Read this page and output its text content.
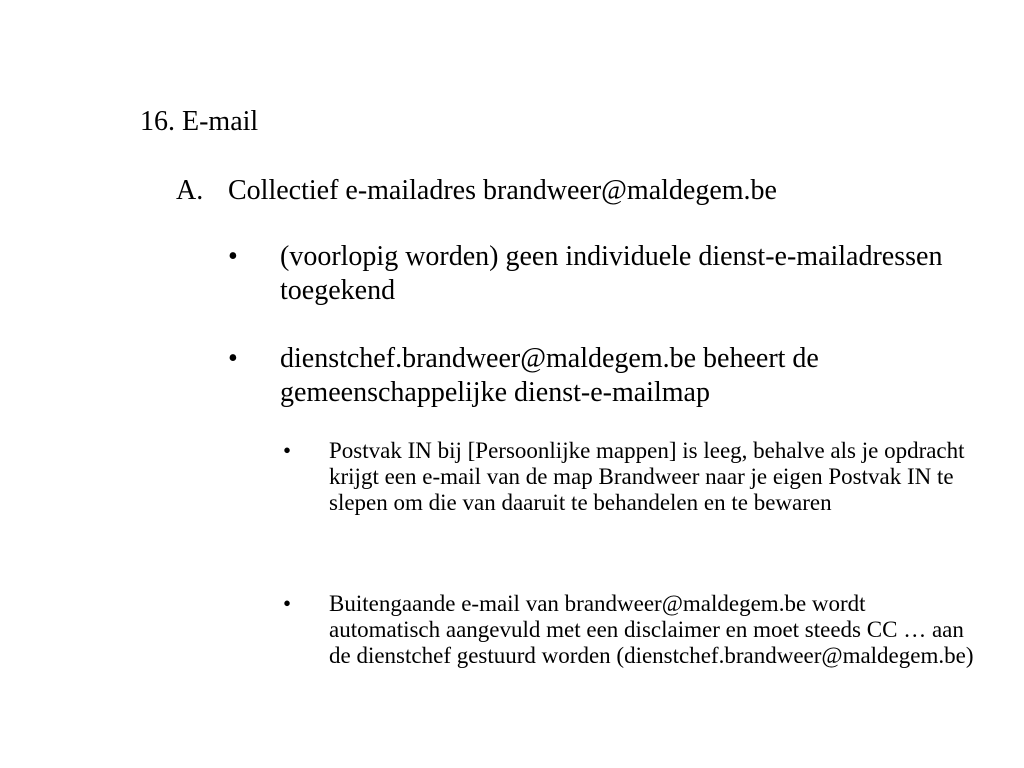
16. E-mail
A. Collectief e-mailadres brandweer@maldegem.be
• (voorlopig worden) geen individuele dienst-e-mailadressen toegekend
• dienstchef.brandweer@maldegem.be beheert de gemeenschappelijke dienst-e-mailmap
• Postvak IN bij [Persoonlijke mappen] is leeg, behalve als je opdracht krijgt een e-mail van de map Brandweer naar je eigen Postvak IN te slepen om die van daaruit te behandelen en te bewaren
• Buitengaande e-mail van brandweer@maldegem.be wordt automatisch aangevuld met een disclaimer en moet steeds CC … aan de dienstchef gestuurd worden (dienstchef.brandweer@maldegem.be)
